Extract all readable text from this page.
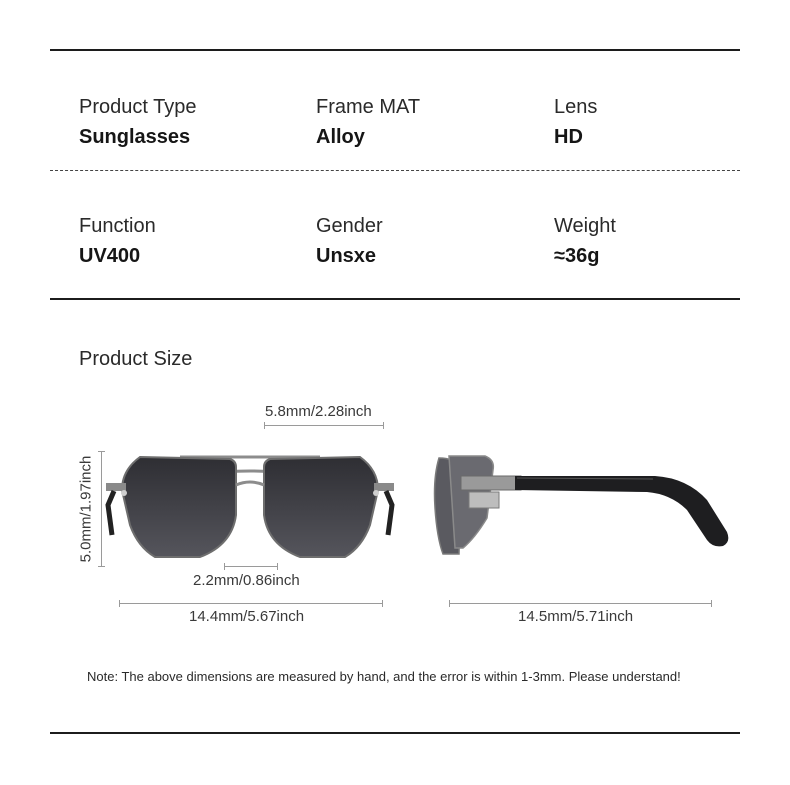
Product Type
Sunglasses
Frame MAT
Alloy
Lens
HD
Function
UV400
Gender
Unsxe
Weight
≈36g
Product Size
5.8mm/2.28inch
5.0mm/1.97inch
2.2mm/0.86inch
14.4mm/5.67inch	14.5mm/5.71inch
Note: The above dimensions are measured by hand, and the error is within 1-3mm. Please understand!
